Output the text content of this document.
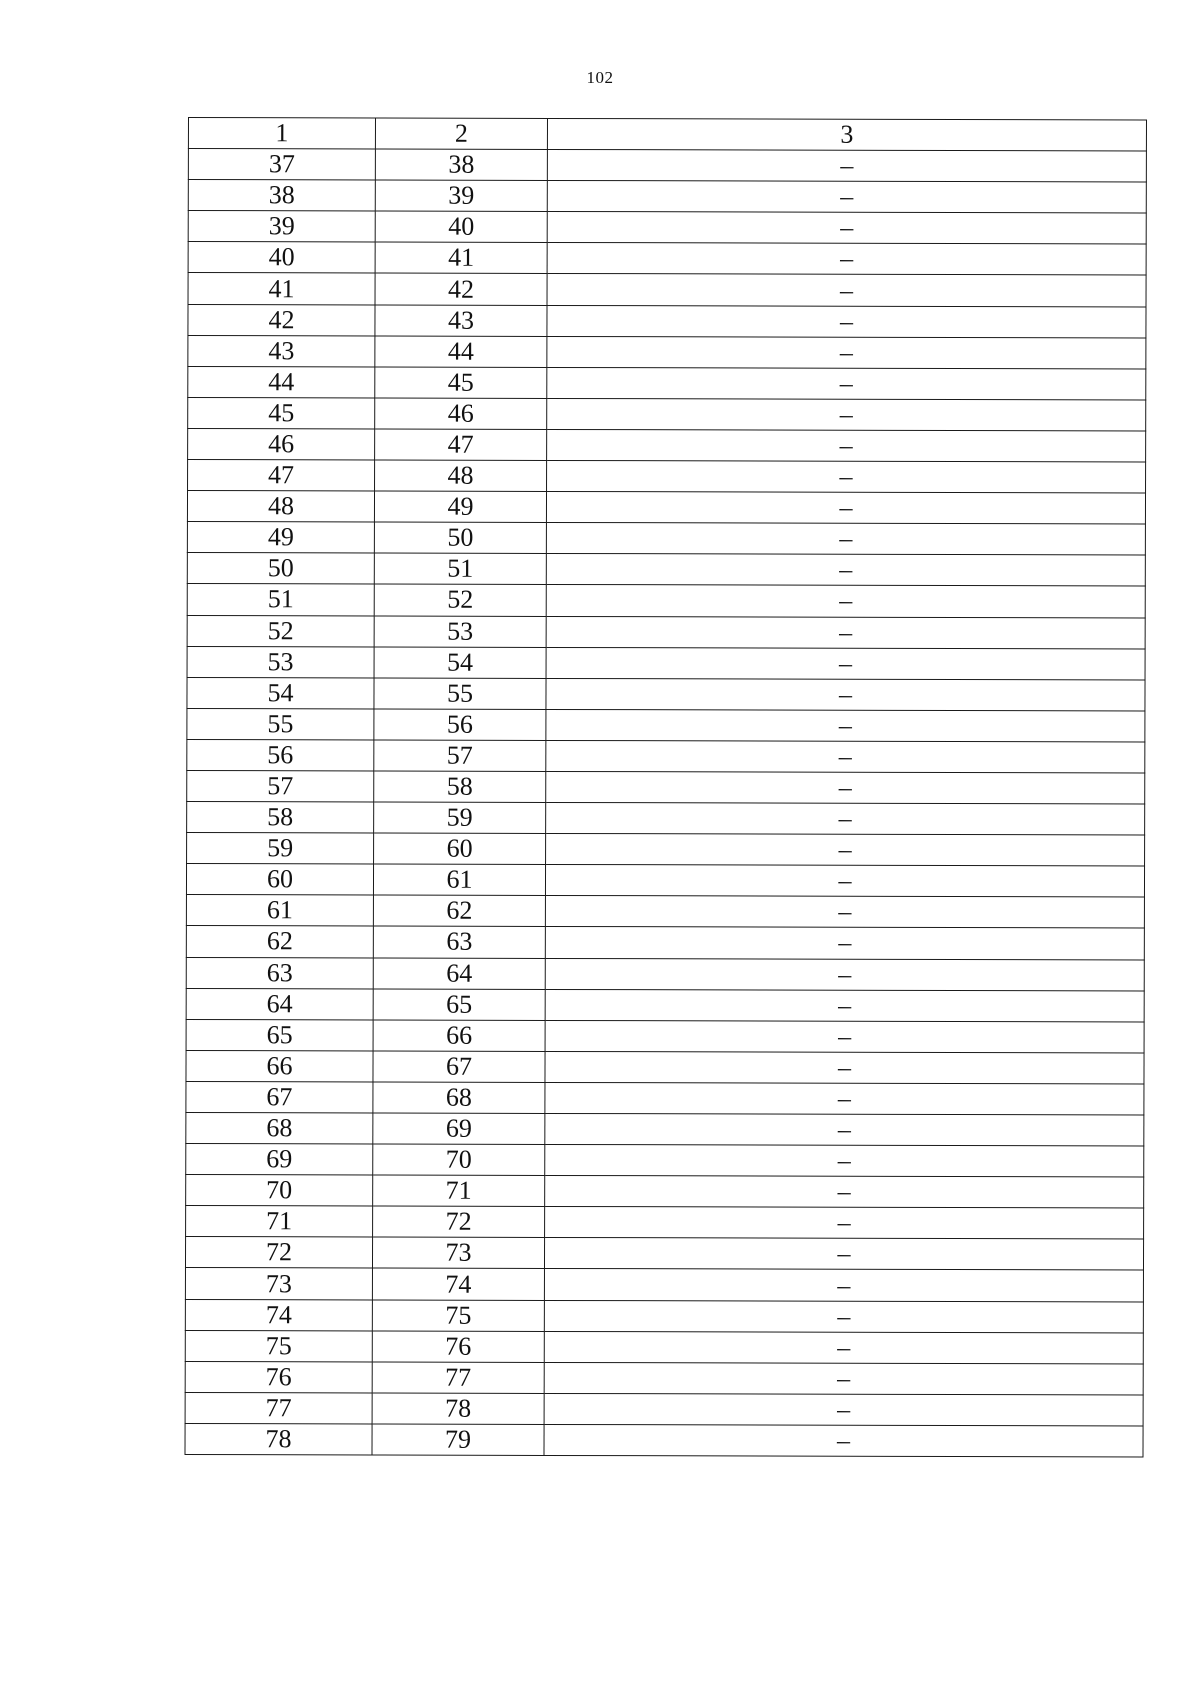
102
1	2	3
37	38	–
38	39	–
39	40	–
40	41	–
41	42	–
42	43	–
43	44	–
44	45	–
45	46	–
46	47	–
47	48	–
48	49	–
49	50	–
50	51	–
51	52	–
52	53	–
53	54	–
54	55	–
55	56	–
56	57	–
57	58	–
58	59	–
59	60	–
60	61	–
61	62	–
62	63	–
63	64	–
64	65	–
65	66	–
66	67	–
67	68	–
68	69	–
69	70	–
70	71	–
71	72	–
72	73	–
73	74	–
74	75	–
75	76	–
76	77	–
77	78	–
78	79	–
